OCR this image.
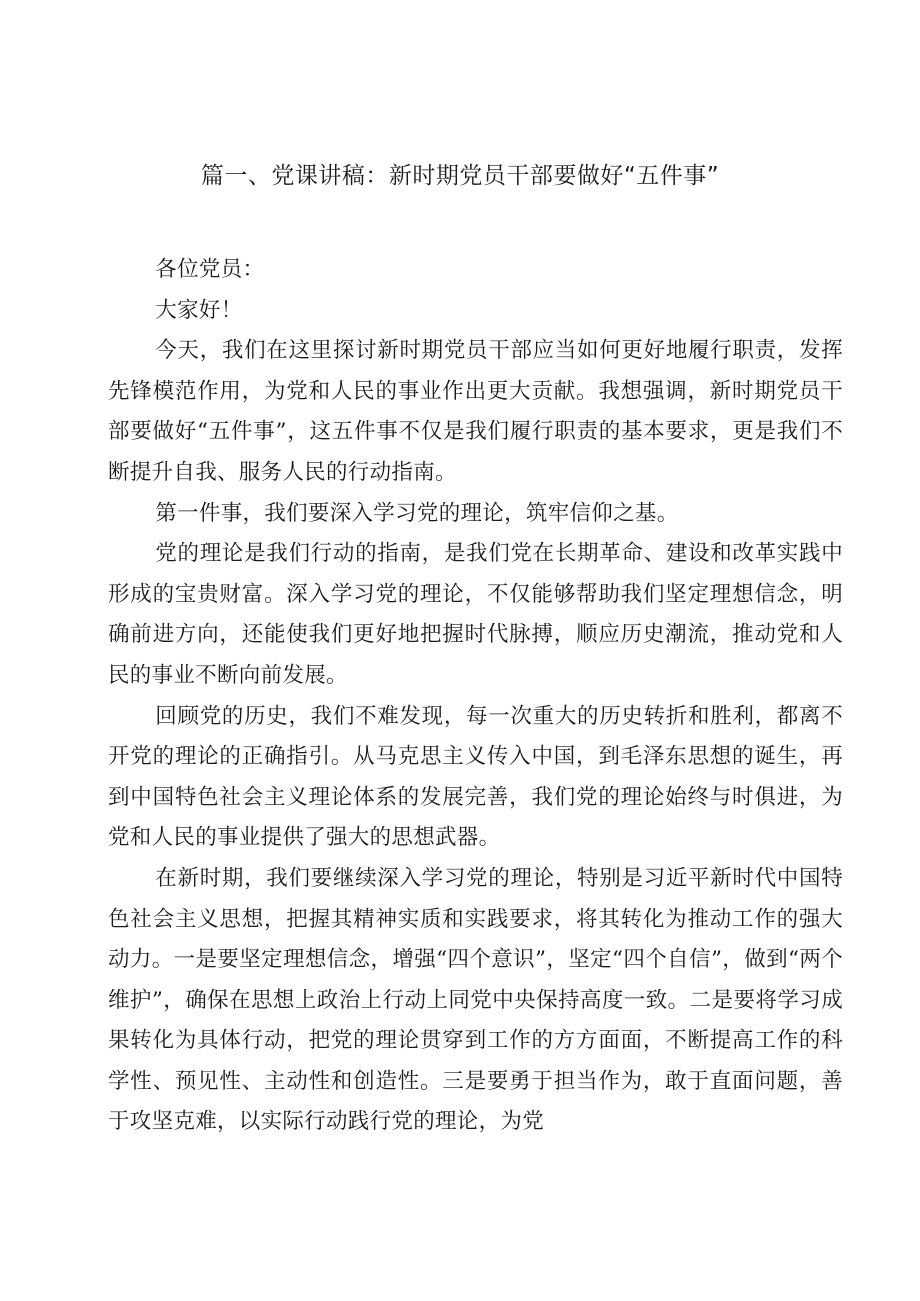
篇一、党课讲稿：新时期党员干部要做好“五件事”

各位党员：

大家好！

今天，我们在这里探讨新时期党员干部应当如何更好地履行职责，发挥先锋模范作用，为党和人民的事业作出更大贡献。我想强调，新时期党员干部要做好“五件事”，这五件事不仅是我们履行职责的基本要求，更是我们不断提升自我、服务人民的行动指南。

第一件事，我们要深入学习党的理论，筑牢信仰之基。

党的理论是我们行动的指南，是我们党在长期革命、建设和改革实践中形成的宝贵财富。深入学习党的理论，不仅能够帮助我们坚定理想信念，明确前进方向，还能使我们更好地把握时代脉搏，顺应历史潮流，推动党和人民的事业不断向前发展。

回顾党的历史，我们不难发现，每一次重大的历史转折和胜利，都离不开党的理论的正确指引。从马克思主义传入中国，到毛泽东思想的诞生，再到中国特色社会主义理论体系的发展完善，我们党的理论始终与时俱进，为党和人民的事业提供了强大的思想武器。

在新时期，我们要继续深入学习党的理论，特别是习近平新时代中国特色社会主义思想，把握其精神实质和实践要求，将其转化为推动工作的强大动力。一是要坚定理想信念，增强“四个意识”，坚定“四个自信”，做到“两个维护”，确保在思想上政治上行动上同党中央保持高度一致。二是要将学习成果转化为具体行动，把党的理论贯穿到工作的方方面面，不断提高工作的科学性、预见性、主动性和创造性。三是要勇于担当作为，敢于直面问题，善于攻坚克难，以实际行动践行党的理论，为党
